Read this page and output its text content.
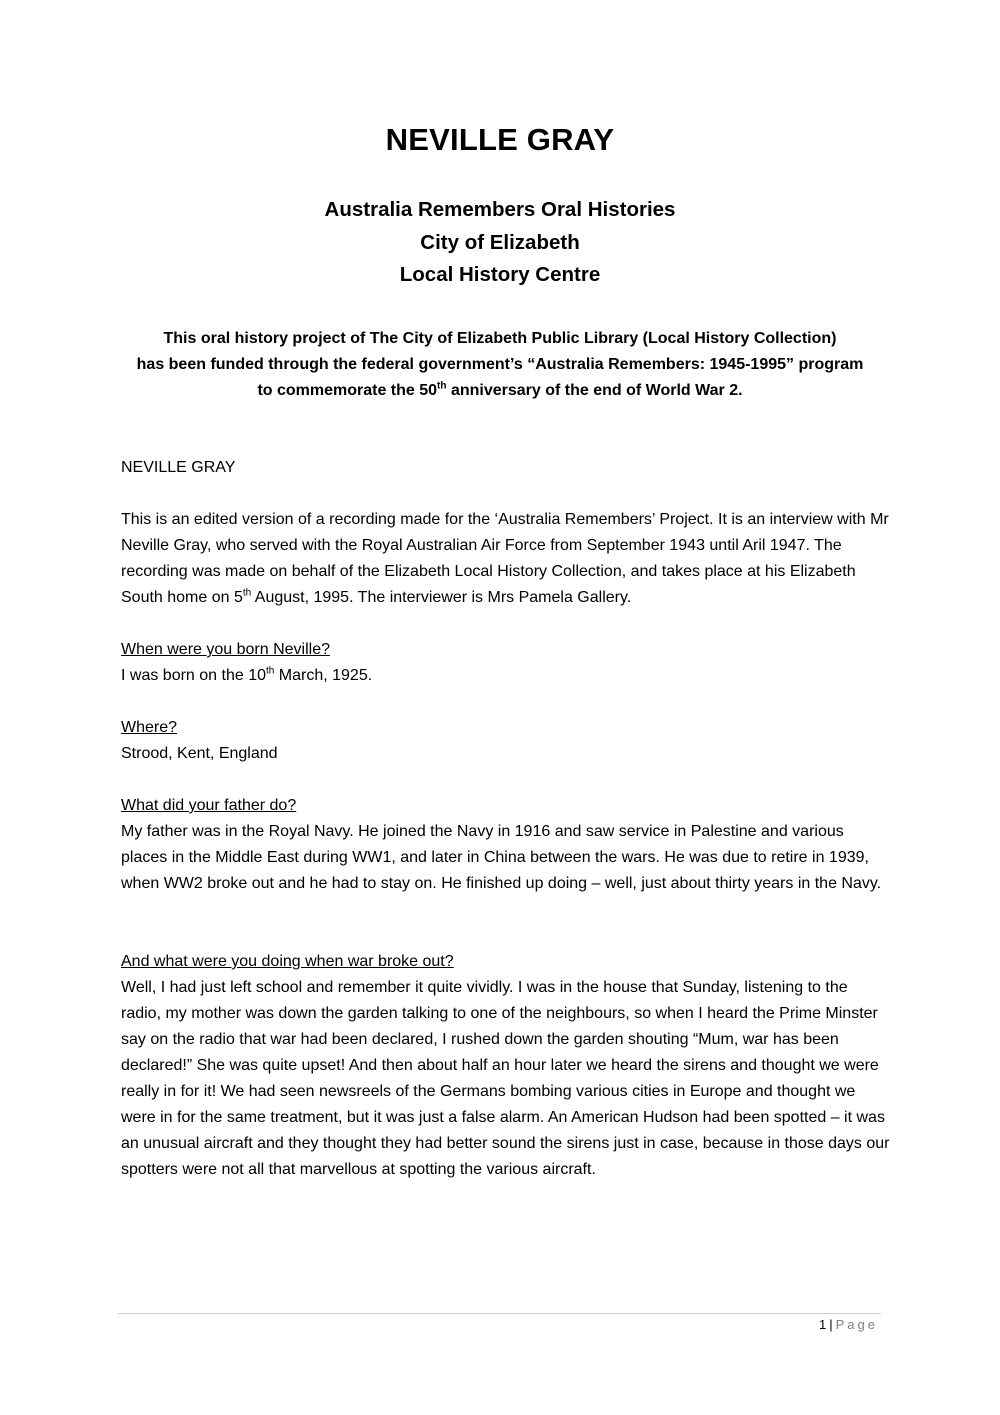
NEVILLE GRAY
Australia Remembers Oral Histories
City of Elizabeth
Local History Centre
This oral history project of The City of Elizabeth Public Library (Local History Collection)
has been funded through the federal government’s “Australia Remembers: 1945-1995” program
to commemorate the 50th anniversary of the end of World War 2.

NEVILLE GRAY

This is an edited version of a recording made for the ‘Australia Remembers’ Project. It is an interview with Mr Neville Gray, who served with the Royal Australian Air Force from September 1943 until Aril 1947. The recording was made on behalf of the Elizabeth Local History Collection, and takes place at his Elizabeth South home on 5th August, 1995. The interviewer is Mrs Pamela Gallery.

When were you born Neville?

I was born on the 10th March, 1925.

Where?

Strood, Kent, England

What did your father do?

My father was in the Royal Navy. He joined the Navy in 1916 and saw service in Palestine and various places in the Middle East during WW1, and later in China between the wars. He was due to retire in 1939, when WW2 broke out and he had to stay on. He finished up doing – well, just about thirty years in the Navy.

And what were you doing when war broke out?

Well, I had just left school and remember it quite vividly. I was in the house that Sunday, listening to the radio, my mother was down the garden talking to one of the neighbours, so when I heard the Prime Minster say on the radio that war had been declared, I rushed down the garden shouting “Mum, war has been declared!” She was quite upset! And then about half an hour later we heard the sirens and thought we were really in for it! We had seen newsreels of the Germans bombing various cities in Europe and thought we were in for the same treatment, but it was just a false alarm. An American Hudson had been spotted – it was an unusual aircraft and they thought they had better sound the sirens just in case, because in those days our spotters were not all that marvellous at spotting the various aircraft.

1 | Page
